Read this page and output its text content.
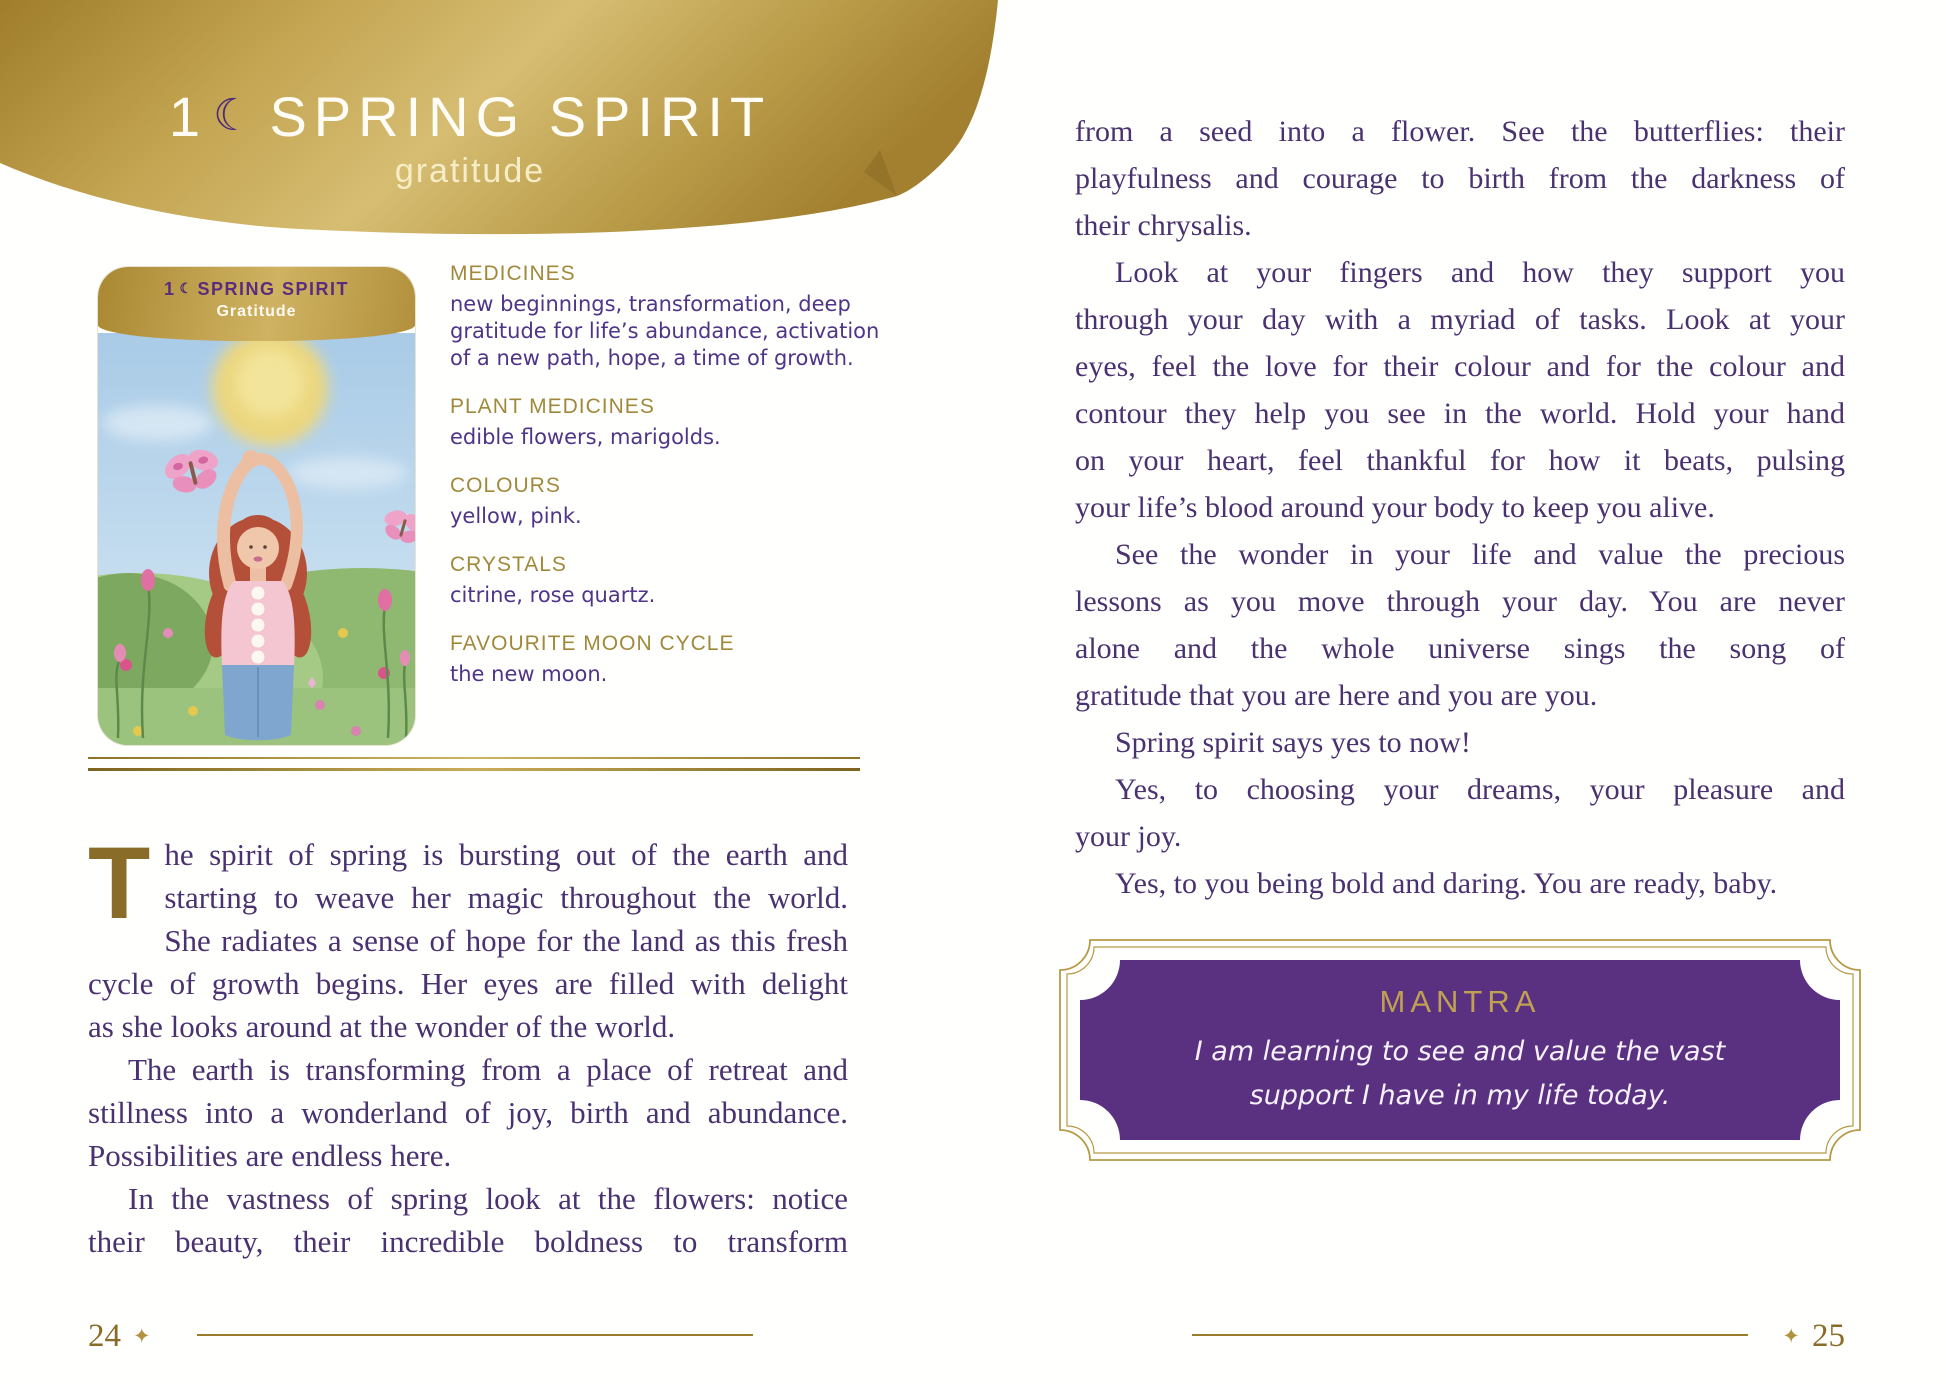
1 ☾ SPRING SPIRIT
gratitude
1 ☾ SPRING SPIRIT
Gratitude
MEDICINES
new beginnings, transformation, deep gratitude for life’s abundance, activation of a new path, hope, a time of growth.
PLANT MEDICINES
edible flowers, marigolds.
COLOURS
yellow, pink.
CRYSTALS
citrine, rose quartz.
FAVOURITE MOON CYCLE
the new moon.
T he spirit of spring is bursting out of the earth and
starting to weave her magic throughout the world.
She radiates a sense of hope for the land as this fresh
cycle of growth begins. Her eyes are filled with delight
as she looks around at the wonder of the world.
The earth is transforming from a place of retreat and
stillness into a wonderland of joy, birth and abundance.
Possibilities are endless here.
In the vastness of spring look at the flowers: notice
their beauty, their incredible boldness to transform
from a seed into a flower. See the butterflies: their
playfulness and courage to birth from the darkness of
their chrysalis.
Look at your fingers and how they support you
through your day with a myriad of tasks. Look at your
eyes, feel the love for their colour and for the colour and
contour they help you see in the world. Hold your hand
on your heart, feel thankful for how it beats, pulsing
your life’s blood around your body to keep you alive.
See the wonder in your life and value the precious
lessons as you move through your day. You are never
alone and the whole universe sings the song of
gratitude that you are here and you are you.
Spring spirit says yes to now!
Yes, to choosing your dreams, your pleasure and
your joy.
Yes, to you being bold and daring. You are ready, baby.
MANTRA
I am learning to see and value the vast
support I have in my life today.
24 ✦	✦ 25
